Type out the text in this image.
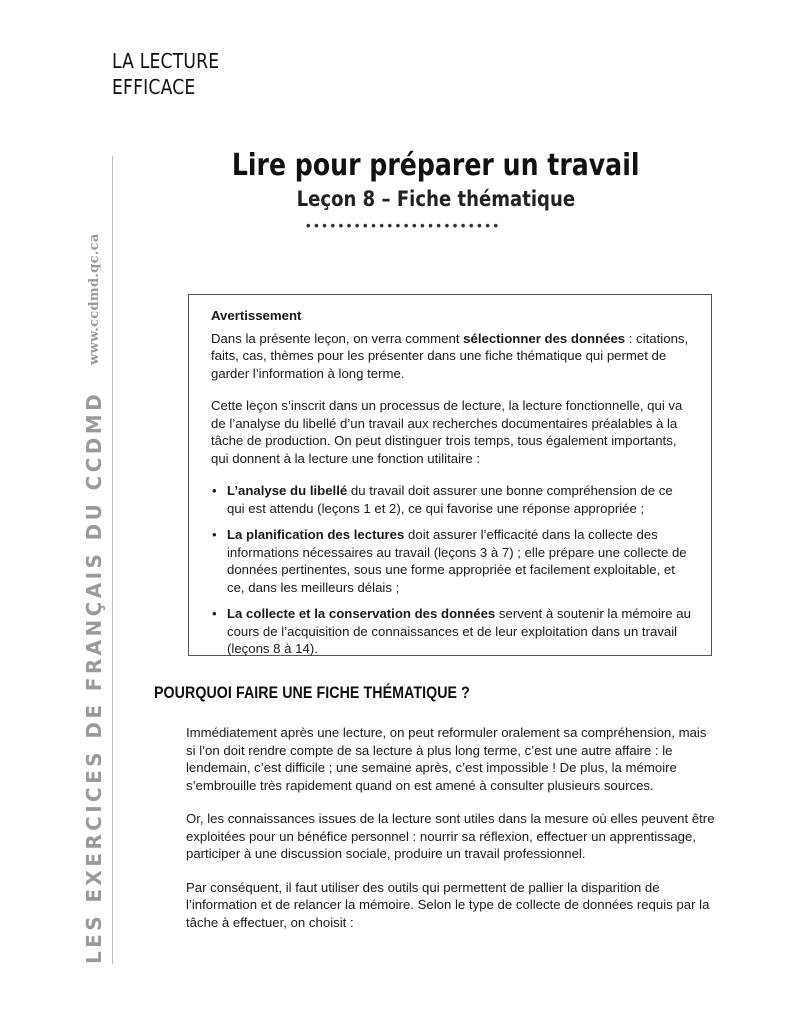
LA LECTURE
EFFICACE
LES EXERCICES DE FRANÇAIS DU CCDMDwww.ccdmd.qc.ca
Lire pour préparer un travail
Leçon 8 – Fiche thématique
••••••••••••••••••••••••
Avertissement

Dans la présente leçon, on verra comment sélectionner des données : citations, faits, cas, thèmes pour les présenter dans une fiche thématique qui permet de garder l’information à long terme.

Cette leçon s’inscrit dans un processus de lecture, la lecture fonctionnelle, qui va de l’analyse du libellé d’un travail aux recherches documentaires préalables à la tâche de production. On peut distinguer trois temps, tous également importants, qui donnent à la lecture une fonction utilitaire :

• L’analyse du libellé du travail doit assurer une bonne compréhension de ce qui est attendu (leçons 1 et 2), ce qui favorise une réponse appropriée ;
• La planification des lectures doit assurer l’efficacité dans la collecte des informations nécessaires au travail (leçons 3 à 7) ; elle prépare une collecte de données pertinentes, sous une forme appropriée et facilement exploitable, et ce, dans les meilleurs délais ;
• La collecte et la conservation des données servent à soutenir la mémoire au cours de l’acquisition de connaissances et de leur exploitation dans un travail (leçons 8 à 14).
POURQUOI FAIRE UNE FICHE THÉMATIQUE ?

Immédiatement après une lecture, on peut reformuler oralement sa compréhension, mais si l’on doit rendre compte de sa lecture à plus long terme, c’est une autre affaire : le lendemain, c’est difficile ; une semaine après, c’est impossible ! De plus, la mémoire s’embrouille très rapidement quand on est amené à consulter plusieurs sources.

Or, les connaissances issues de la lecture sont utiles dans la mesure où elles peuvent être exploitées pour un bénéfice personnel : nourrir sa réflexion, effectuer un apprentissage, participer à une discussion sociale, produire un travail professionnel.

Par conséquent, il faut utiliser des outils qui permettent de pallier la disparition de l’information et de relancer la mémoire. Selon le type de collecte de données requis par la tâche à effectuer, on choisit :
